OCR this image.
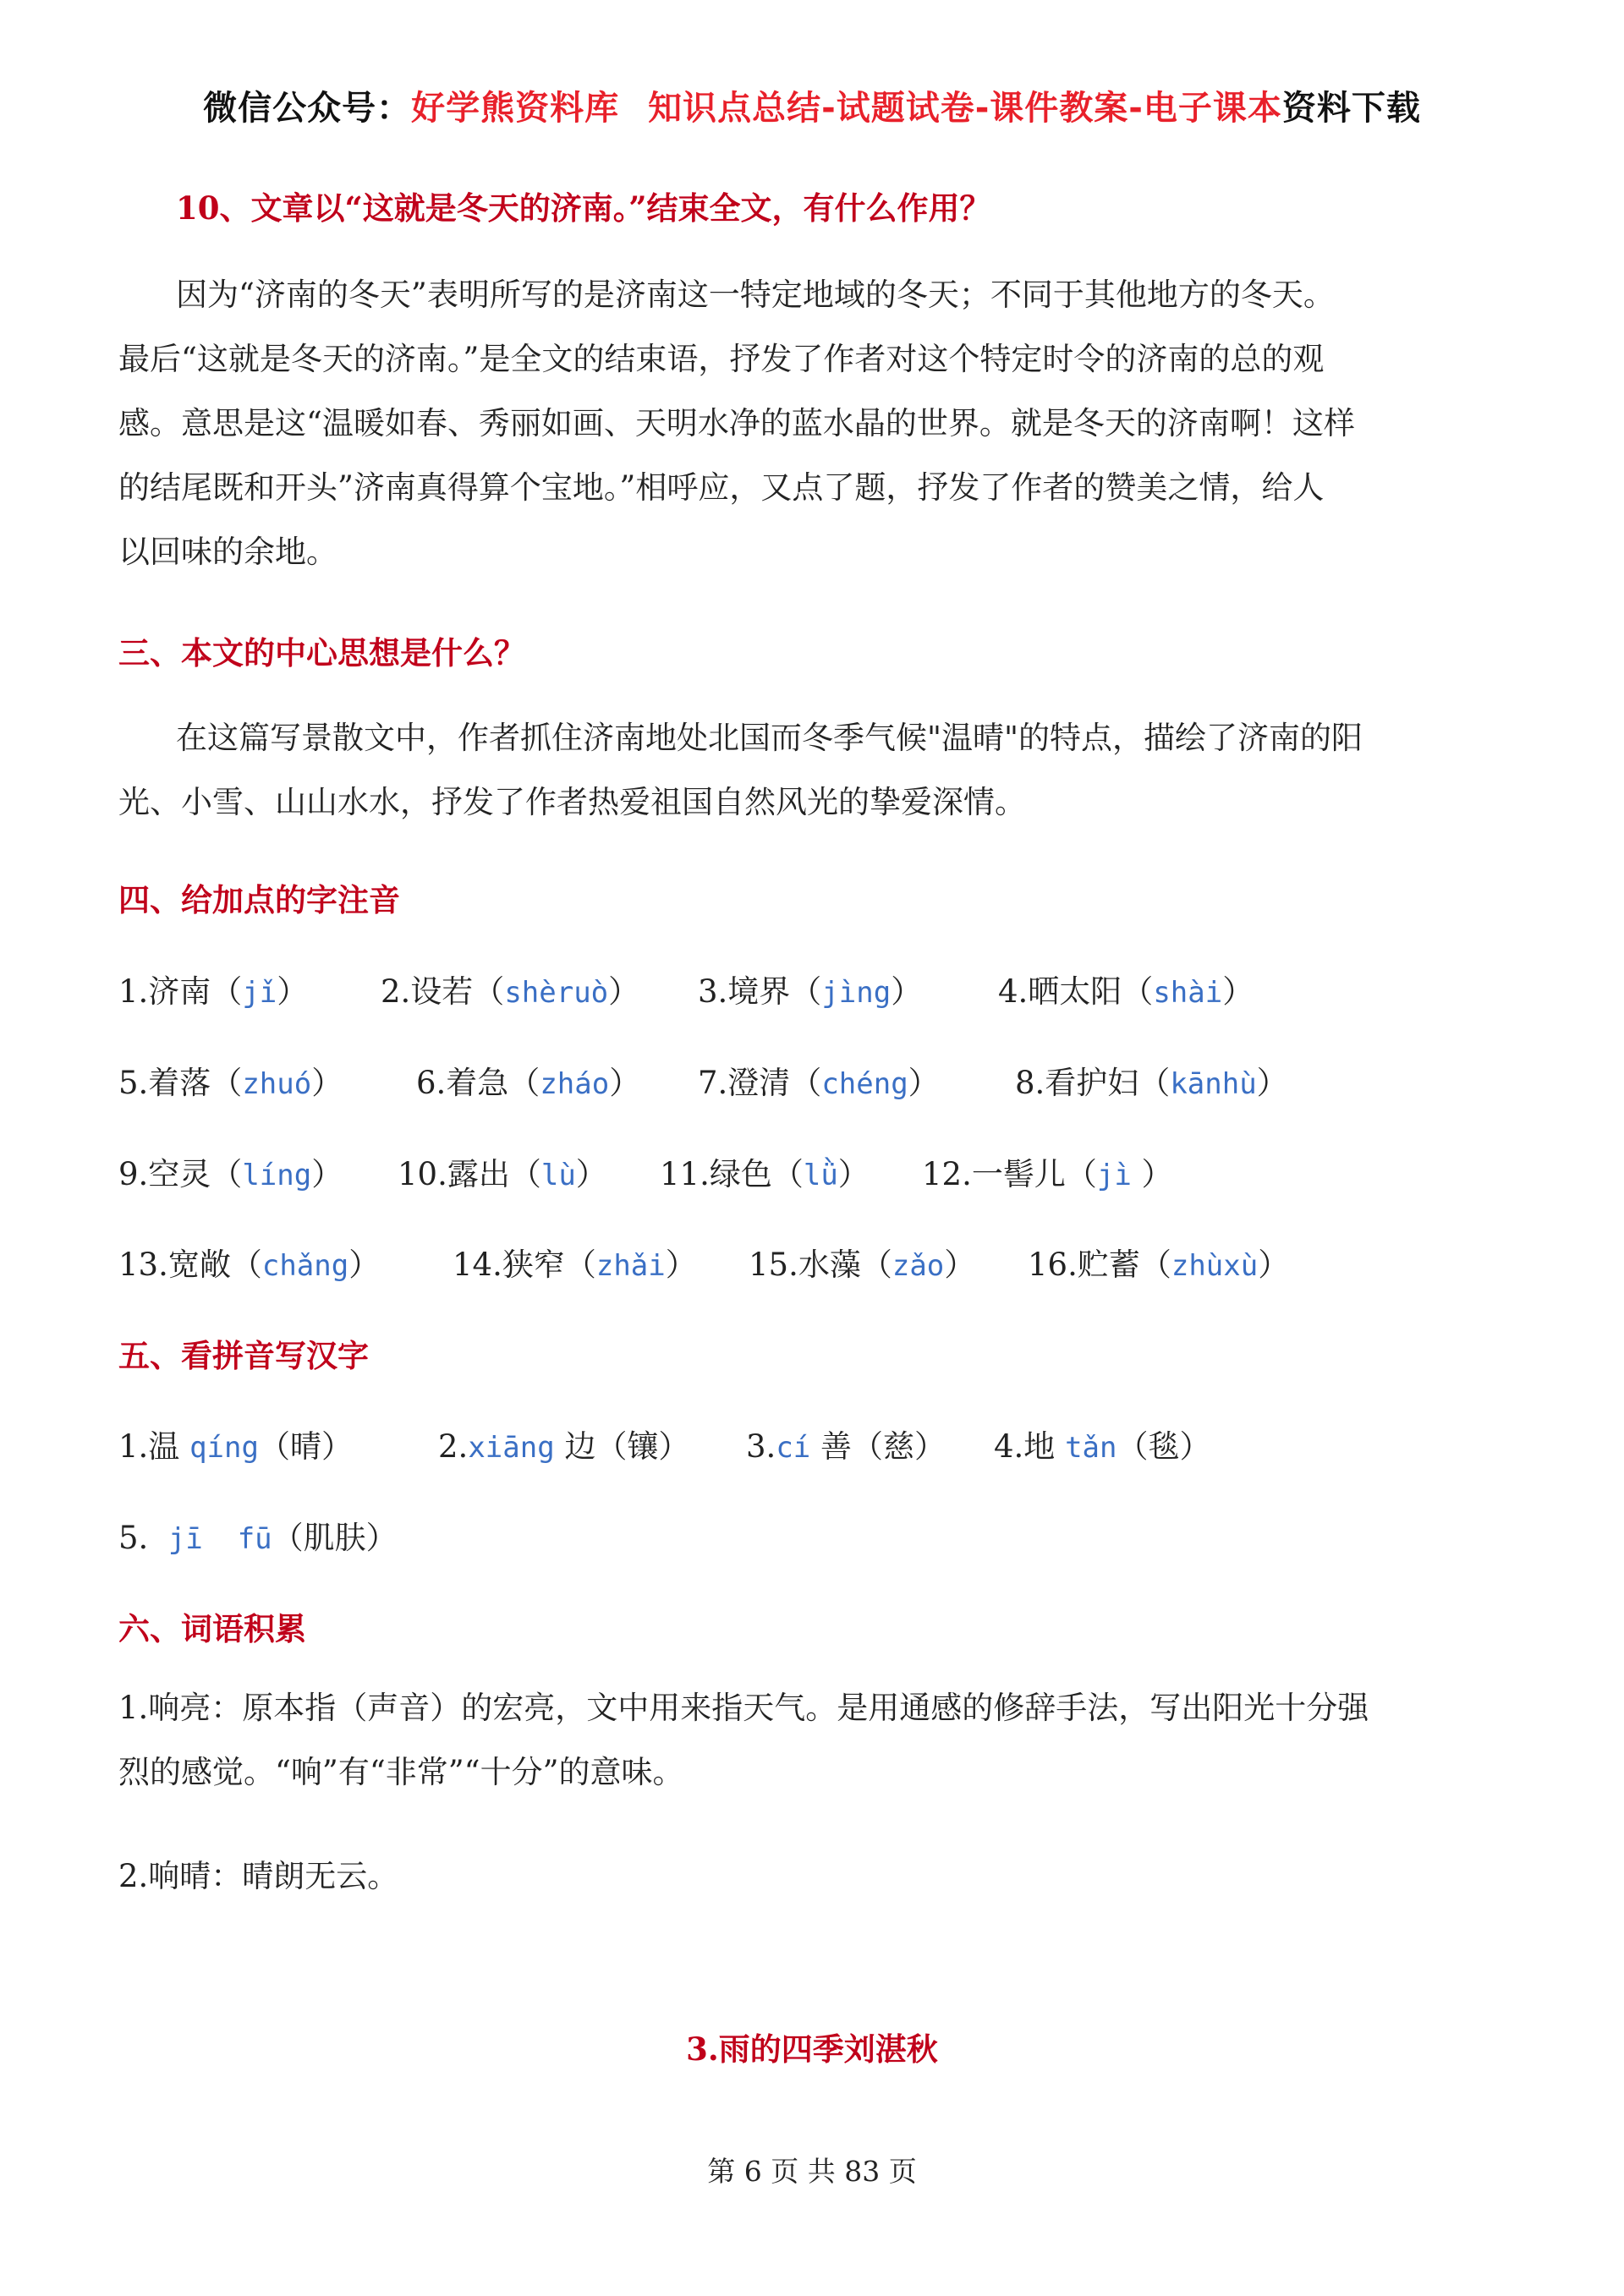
微信公众号：好学熊资料库 知识点总结-试题试卷-课件教案-电子课本资料下载
10、文章以“这就是冬天的济南。”结束全文，有什么作用？
因为“济南的冬天”表明所写的是济南这一特定地域的冬天；不同于其他地方的冬天。
最后“这就是冬天的济南。”是全文的结束语，抒发了作者对这个特定时令的济南的总的观
感。意思是这“温暖如春、秀丽如画、天明水净的蓝水晶的世界。就是冬天的济南啊！这样
的结尾既和开头”济南真得算个宝地。”相呼应，又点了题，抒发了作者的赞美之情，给人
以回味的余地。
三、本文的中心思想是什么？
在这篇写景散文中，作者抓住济南地处北国而冬季气候"温晴"的特点，描绘了济南的阳
光、小雪、山山水水，抒发了作者热爱祖国自然风光的挚爱深情。
四、给加点的字注音
1.济南（jǐ） 2.设若（shèruò） 3.境界（jìng） 4.晒太阳（shài）
5.着落（zhuó） 6.着急（zháo） 7.澄清（chéng） 8.看护妇（kānhù）
9.空灵（líng） 10.露出（lù） 11.绿色（lǜ） 12.一髻儿（jì ）
13.宽敞（chǎng） 14.狭窄（zhǎi） 15.水藻（zǎo） 16.贮蓄（zhùxù）
五、看拼音写汉字
1.温 qíng（晴）	2.xiāng 边（镶） 3.cí 善（慈） 4.地 tǎn（毯）
5.  jī  fū（肌肤）
六、词语积累
1.响亮：原本指（声音）的宏亮，文中用来指天气。是用通感的修辞手法，写出阳光十分强
烈的感觉。“响”有“非常”“十分”的意味。
2.响晴：晴朗无云。
3.雨的四季刘湛秋
第 6 页 共 83 页
